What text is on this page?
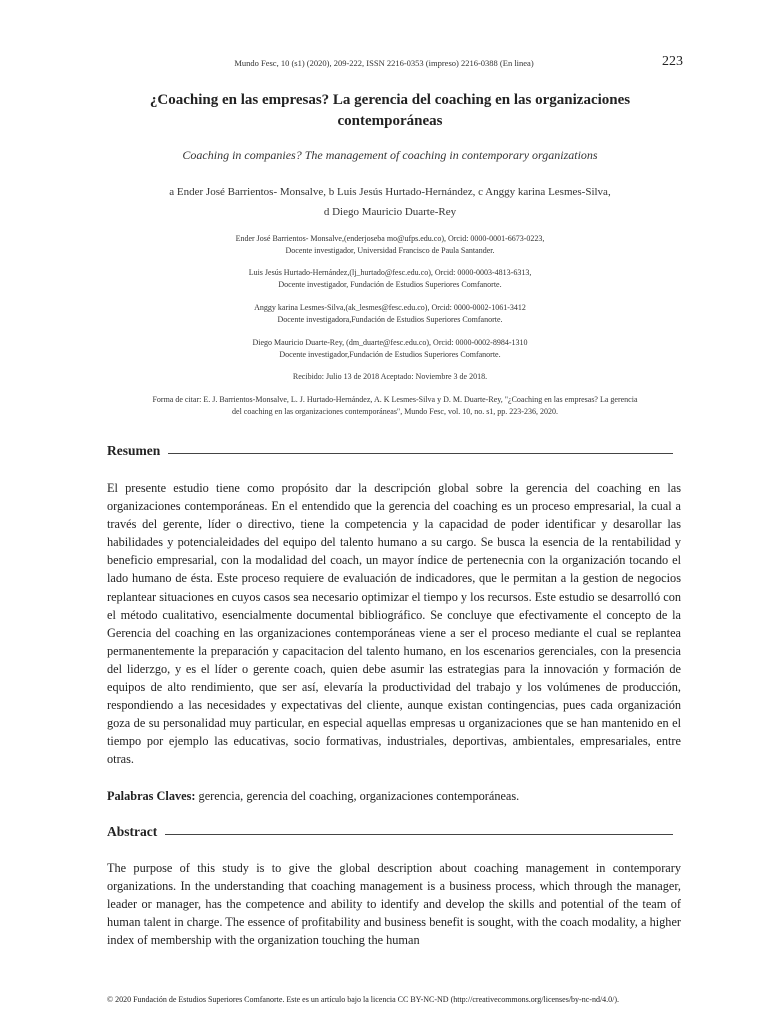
Mundo Fesc, 10 (s1) (2020), 209-222, ISSN 2216-0353 (impreso) 2216-0388 (En linea)	223
¿Coaching en las empresas? La gerencia del coaching en las organizaciones contemporáneas
Coaching in companies? The management of coaching in contemporary organizations
a Ender José Barrientos- Monsalve, b Luis Jesús Hurtado-Hernández, c Anggy karina Lesmes-Silva,
d Diego Mauricio Duarte-Rey
Ender José Barrientos- Monsalve,(enderjoseba mo@ufps.edu.co), Orcid: 0000-0001-6673-0223,
Docente investigador, Universidad Francisco de Paula Santander.
Luis Jesús Hurtado-Hernández,(lj_hurtado@fesc.edu.co), Orcid: 0000-0003-4813-6313,
Docente investigador, Fundación de Estudios Superiores Comfanorte.
Anggy karina Lesmes-Silva,(ak_lesmes@fesc.edu.co), Orcid: 0000-0002-1061-3412
Docente investigadora,Fundación de Estudios Superiores Comfanorte.
Diego Mauricio Duarte-Rey, (dm_duarte@fesc.edu.co), Orcid: 0000-0002-8984-1310
Docente investigador,Fundación de Estudios Superiores Comfanorte.
Recibido: Julio 13 de 2018 Aceptado: Noviembre 3 de 2018.
Forma de citar: E. J. Barrientos-Monsalve, L. J. Hurtado-Hernández, A. K Lesmes-Silva y D. M. Duarte-Rey, "¿Coaching en las empresas? La gerencia
del coaching en las organizaciones contemporáneas", Mundo Fesc, vol. 10, no. s1, pp. 223-236, 2020.
Resumen

El presente estudio tiene como propósito dar la descripción global sobre la gerencia del coaching en las organizaciones contemporáneas. En el entendido que la gerencia del coaching es un proceso empresarial, la cual a través del gerente, líder o directivo, tiene la competencia y la capacidad de poder identificar y desarollar las habilidades y potencialeidades del equipo del talento humano a su cargo. Se busca la esencia de la rentabilidad y beneficio empresarial, con la modalidad del coach, un mayor índice de pertenecnia con la organización tocando el lado humano de ésta. Este proceso requiere de evaluación de indicadores, que le permitan a la gestion de negocios replantear situaciones en cuyos casos sea necesario optimizar el tiempo y los recursos. Este estudio se desarrolló con el método cualitativo, esencialmente documental bibliográfico. Se concluye que efectivamente el concepto de la Gerencia del coaching en las organizaciones contemporáneas viene a ser el proceso mediante el cual se replantea permanentemente la preparación y capacitacion del talento humano, en los escenarios gerenciales, con la presencia del liderzgo, y es el líder o gerente coach, quien debe asumir las estrategias para la innovación y formación de equipos de alto rendimiento, que ser así, elevaría la productividad del trabajo y los volúmenes de producción, respondiendo a las necesidades y expectativas del cliente, aunque existan contingencias, pues cada organización goza de su personalidad muy particular, en especial aquellas empresas u organizaciones que se han mantenido en el tiempo por ejemplo las educativas, socio formativas, industriales, deportivas, ambientales, empresariales, entre otras.

Palabras Claves: gerencia, gerencia del coaching, organizaciones contemporáneas.
Abstract

The purpose of this study is to give the global description about coaching management in contemporary organizations. In the understanding that coaching management is a business process, which through the manager, leader or manager, has the competence and ability to identify and develop the skills and potential of the team of human talent in charge. The essence of profitability and business benefit is sought, with the coach modality, a higher index of membership with the organization touching the human

© 2020 Fundación de Estudios Superiores Comfanorte. Este es un artículo bajo la licencia CC BY-NC-ND (http://creativecommons.org/licenses/by-nc-nd/4.0/).
